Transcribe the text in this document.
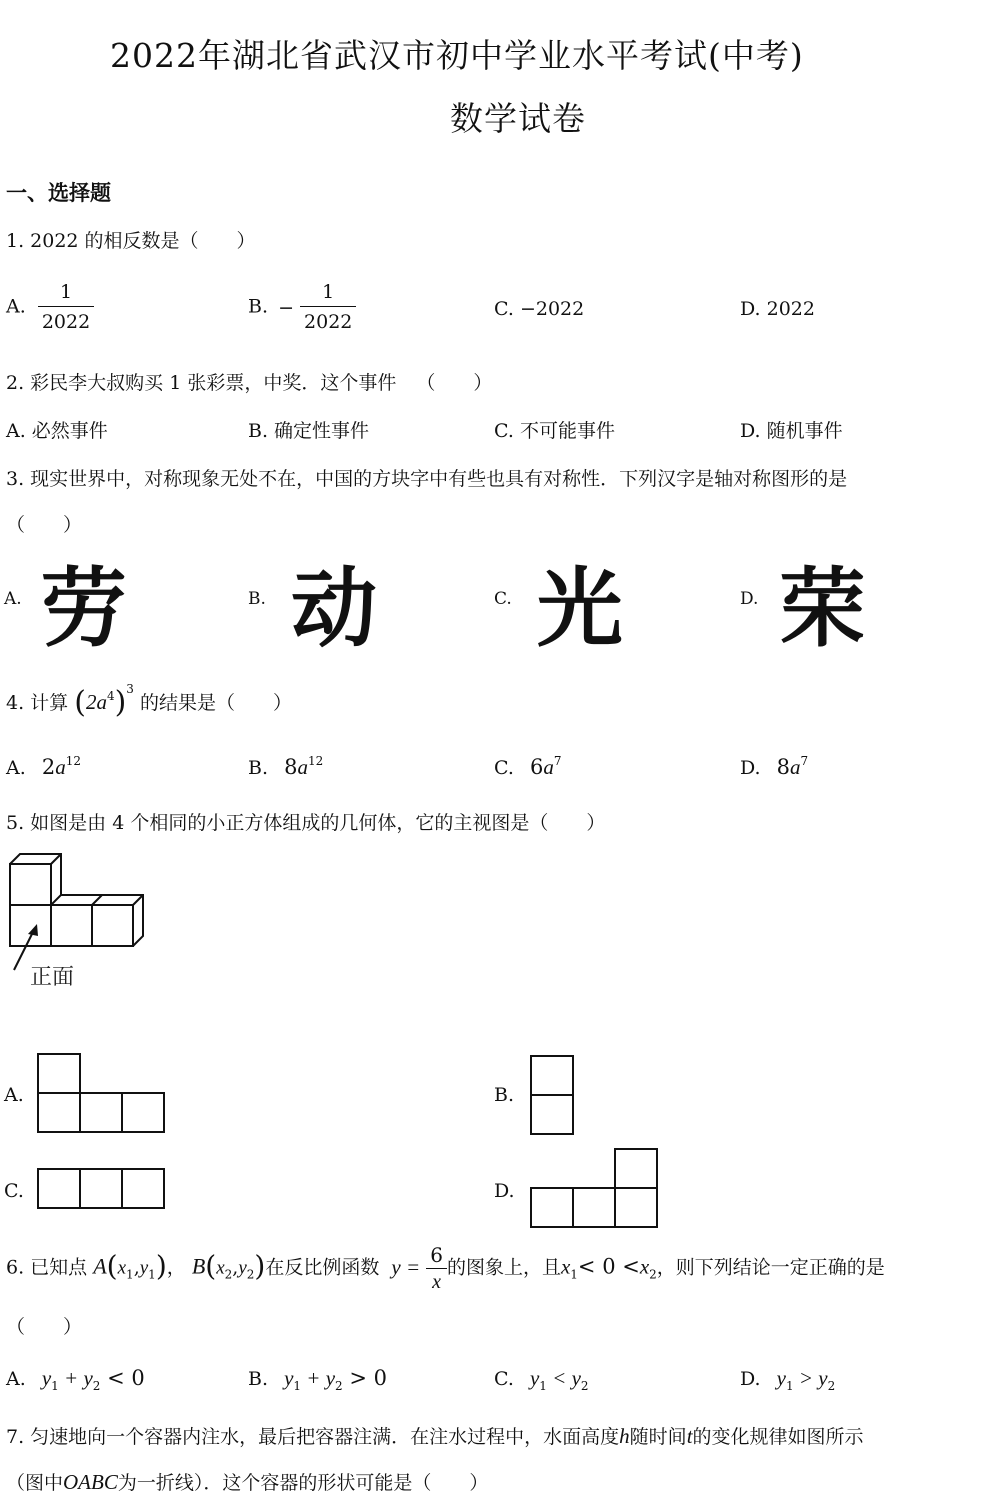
2022年湖北省武汉市初中学业水平考试(中考)
数学试卷
一、选择题
1. 2022 的相反数是（　　）
A. $\frac{1}{2022}$	B. − $\frac{1}{2022}$	C. −2022	D. 2022
2. 彩民李大叔购买 1 张彩票，中奖．这个事件 （　　）
A. 必然事件	B. 确定性事件	C. 不可能事件	D. 随机事件
3. 现实世界中，对称现象无处不在，中国的方块字中有些也具有对称性．下列汉字是轴对称图形的是
（　　）
A. 劳	B. 动	C. 光	D. 荣
4. 计算 $(2a^4)^3$ 的结果是（　　）
A. $2a^{12}$	B. $8a^{12}$	C. $6a^7$	D. $8a^7$
5. 如图是由 4 个相同的小正方体组成的几何体，它的主视图是（　　）
正面
A.	B.
C.	D.
6. 已知点 $A(x_1,y_1)$， $B(x_2,y_2)$在反比例函数 $y = \frac{6}{x}$ 的图象上，且$x_1< 0 <x_2$，则下列结论一定正确的是
（　　）
A. $y_1 + y_2 < 0$	B. $y_1 + y_2 > 0$	C. $y_1 < y_2$	D. $y_1 > y_2$
7. 匀速地向一个容器内注水，最后把容器注满．在注水过程中，水面高度h随时间t的变化规律如图所示
（图中OABC为一折线）．这个容器的形状可能是（　　）
